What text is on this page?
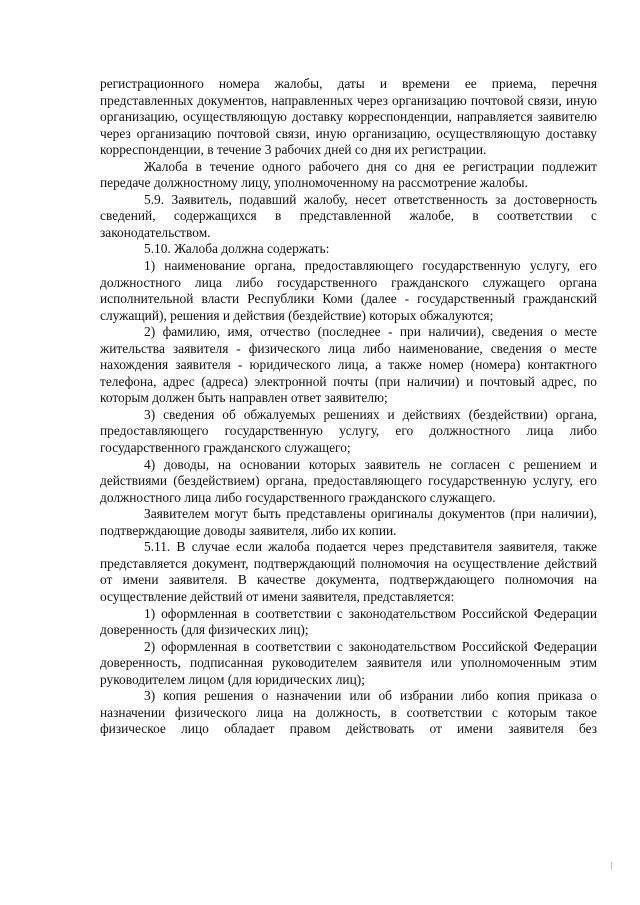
регистрационного номера жалобы, даты и времени ее приема, перечня представленных документов, направленных через организацию почтовой связи, иную организацию, осуществляющую доставку корреспонденции, направляется заявителю через организацию почтовой связи, иную организацию, осуществляющую доставку корреспонденции, в течение 3 рабочих дней со дня их регистрации.

Жалоба в течение одного рабочего дня со дня ее регистрации подлежит передаче должностному лицу, уполномоченному на рассмотрение жалобы.

5.9. Заявитель, подавший жалобу, несет ответственность за достоверность сведений, содержащихся в представленной жалобе, в соответствии с законодательством.

5.10. Жалоба должна содержать:

1) наименование органа, предоставляющего государственную услугу, его должностного лица либо государственного гражданского служащего органа исполнительной власти Республики Коми (далее - государственный гражданский служащий), решения и действия (бездействие) которых обжалуются;

2) фамилию, имя, отчество (последнее - при наличии), сведения о месте жительства заявителя - физического лица либо наименование, сведения о месте нахождения заявителя - юридического лица, а также номер (номера) контактного телефона, адрес (адреса) электронной почты (при наличии) и почтовый адрес, по которым должен быть направлен ответ заявителю;

3) сведения об обжалуемых решениях и действиях (бездействии) органа, предоставляющего государственную услугу, его должностного лица либо государственного гражданского служащего;

4) доводы, на основании которых заявитель не согласен с решением и действиями (бездействием) органа, предоставляющего государственную услугу, его должностного лица либо государственного гражданского служащего.

Заявителем могут быть представлены оригиналы документов (при наличии), подтверждающие доводы заявителя, либо их копии.

5.11. В случае если жалоба подается через представителя заявителя, также представляется документ, подтверждающий полномочия на осуществление действий от имени заявителя. В качестве документа, подтверждающего полномочия на осуществление действий от имени заявителя, представляется:

1) оформленная в соответствии с законодательством Российской Федерации доверенность (для физических лиц);

2) оформленная в соответствии с законодательством Российской Федерации доверенность, подписанная руководителем заявителя или уполномоченным этим руководителем лицом (для юридических лиц);

3) копия решения о назначении или об избрании либо копия приказа о назначении физического лица на должность, в соответствии с которым такое физическое лицо обладает правом действовать от имени заявителя без
